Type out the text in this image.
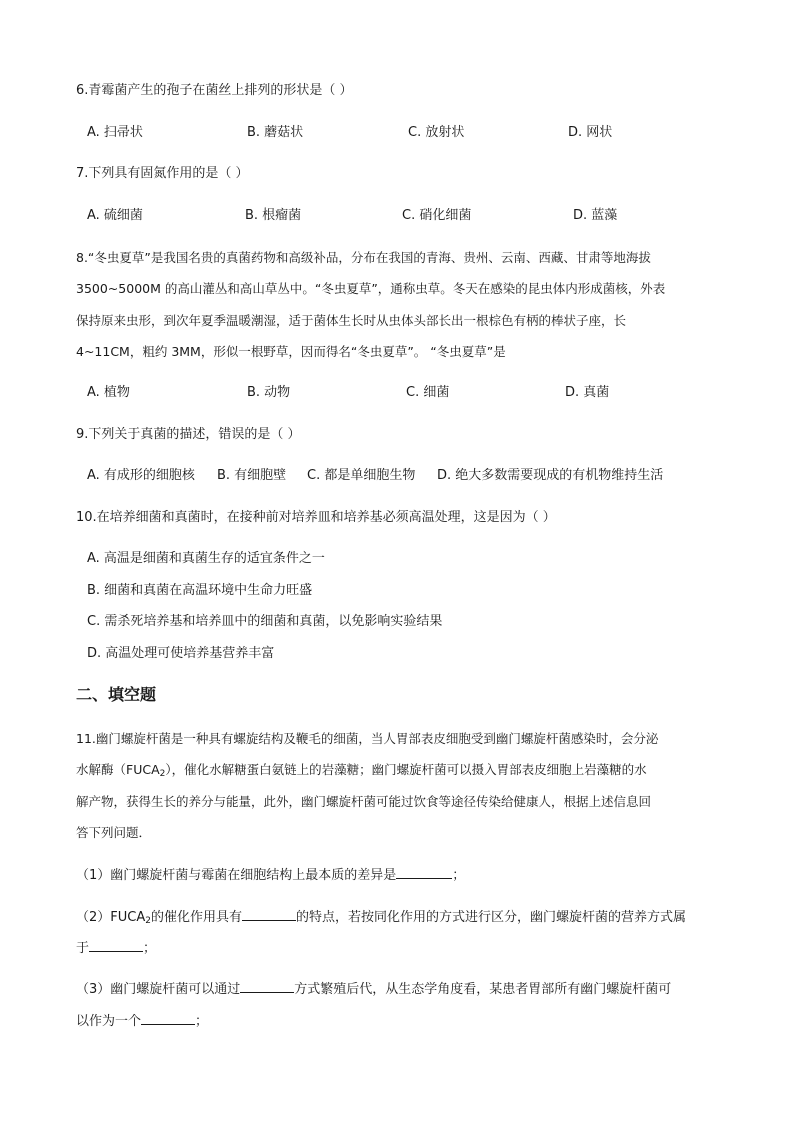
6.青霉菌产生的孢子在菌丝上排列的形状是（ ）
A. 扫帚状	B. 蘑菇状	C. 放射状	D. 网状
7.下列具有固氮作用的是（ ）
A. 硫细菌	B. 根瘤菌	C. 硝化细菌	D. 蓝藻
8.“冬虫夏草”是我国名贵的真菌药物和高级补品，分布在我国的青海、贵州、云南、西藏、甘肃等地海拔
3500~5000M 的高山灌丛和高山草丛中。“冬虫夏草”，通称虫草。冬天在感染的昆虫体内形成菌核，外表
保持原来虫形，到次年夏季温暖潮湿，适于菌体生长时从虫体头部长出一根棕色有柄的棒状子座，长
4~11CM，粗约 3MM，形似一根野草，因而得名“冬虫夏草”。 “冬虫夏草”是
A. 植物	B. 动物	C. 细菌	D. 真菌
9.下列关于真菌的描述，错误的是（ ）
A. 有成形的细胞核 B. 有细胞壁 C. 都是单细胞生物 D. 绝大多数需要现成的有机物维持生活
10.在培养细菌和真菌时，在接种前对培养皿和培养基必须高温处理，这是因为（ ）
A. 高温是细菌和真菌生存的适宜条件之一
B. 细菌和真菌在高温环境中生命力旺盛
C. 需杀死培养基和培养皿中的细菌和真菌，以免影响实验结果
D. 高温处理可使培养基营养丰富
二、填空题
11.幽门螺旋杆菌是一种具有螺旋结构及鞭毛的细菌，当人胃部表皮细胞受到幽门螺旋杆菌感染时，会分泌
水解酶$(FUCA_2)$，催化水解糖蛋白氨链上的岩藻糖；幽门螺旋杆菌可以摄入胃部表皮细胞上岩藻糖的水
解产物，获得生长的养分与能量，此外，幽门螺旋杆菌可能过饮食等途径传染给健康人，根据上述信息回
答下列问题．
（1）幽门螺旋杆菌与霉菌在细胞结构上最本质的差异是	；
$(2)FUCA_2$的催化作用具有	的特点，若按同化作用的方式进行区分，幽门螺旋杆菌的营养方式属
于	；
（3）幽门螺旋杆菌可以通过	方式繁殖后代，从生态学角度看，某患者胃部所有幽门螺旋杆菌可
以作为一个	；
